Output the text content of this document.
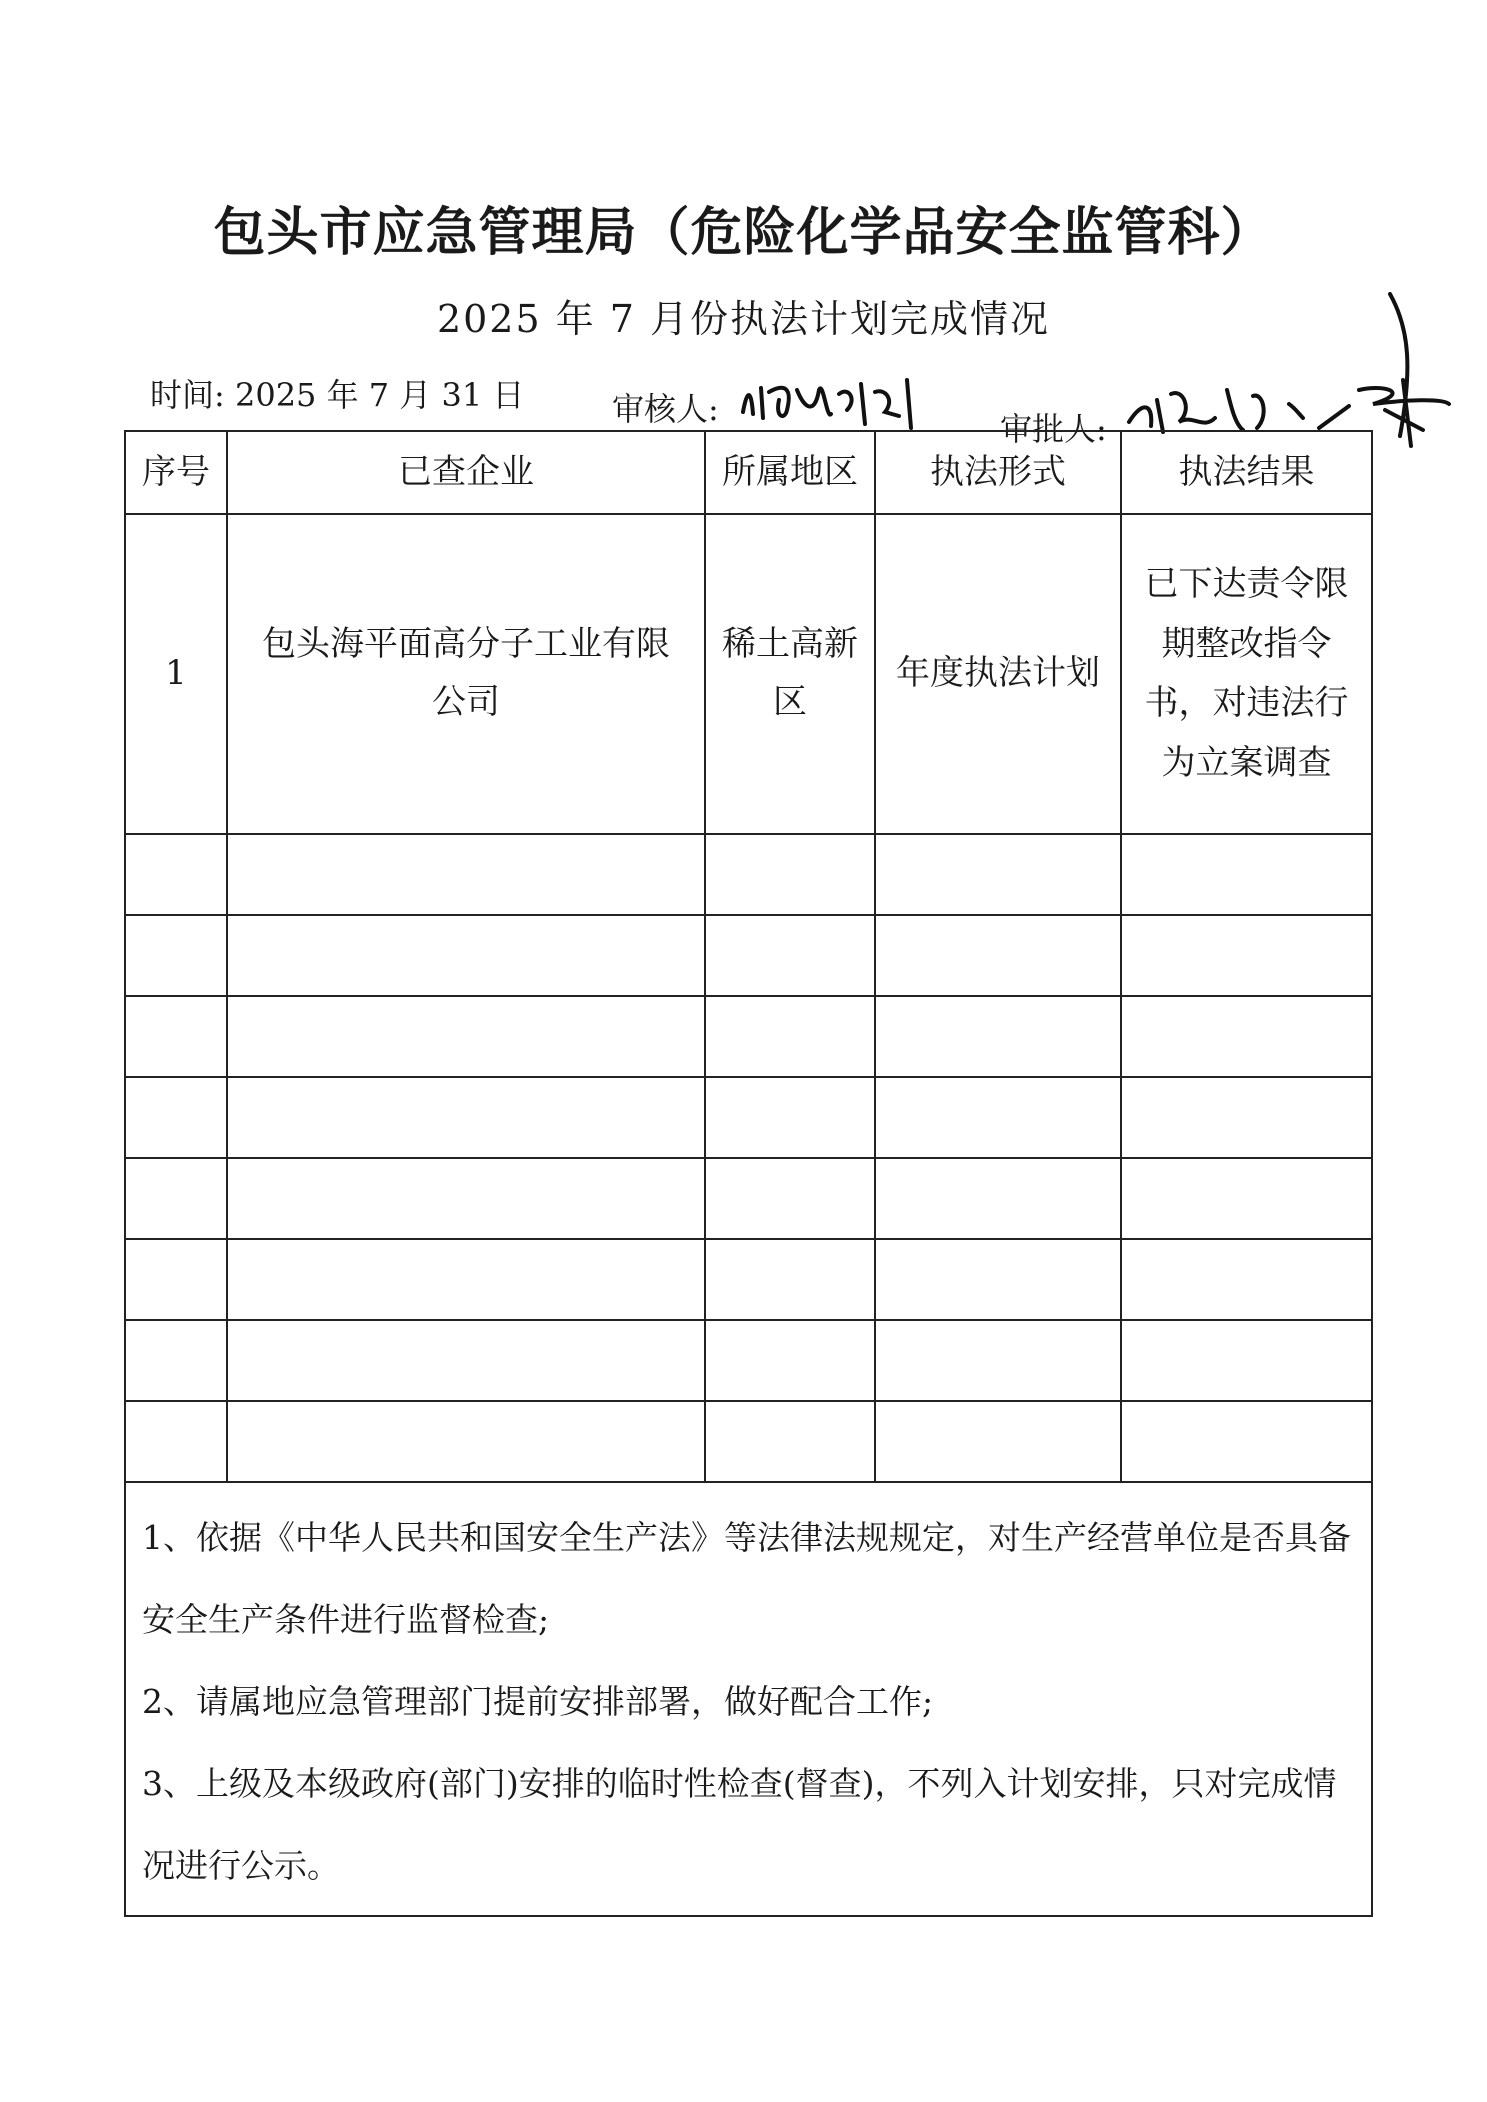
包头市应急管理局（危险化学品安全监管科）
2025 年 7 月份执法计划完成情况
时间: 2025 年 7 月 31 日	审核人:
审批人:
序号	已查企业	所属地区	执法形式	执法结果
1	包头海平面高分子工业有限公司	稀土高新区	年度执法计划	已下达责令限期整改指令书，对违法行为立案调查

1、依据《中华人民共和国安全生产法》等法律法规规定，对生产经营单位是否具备安全生产条件进行监督检查;

2、请属地应急管理部门提前安排部署，做好配合工作;

3、上级及本级政府(部门)安排的临时性检查(督查)，不列入计划安排，只对完成情况进行公示。				
